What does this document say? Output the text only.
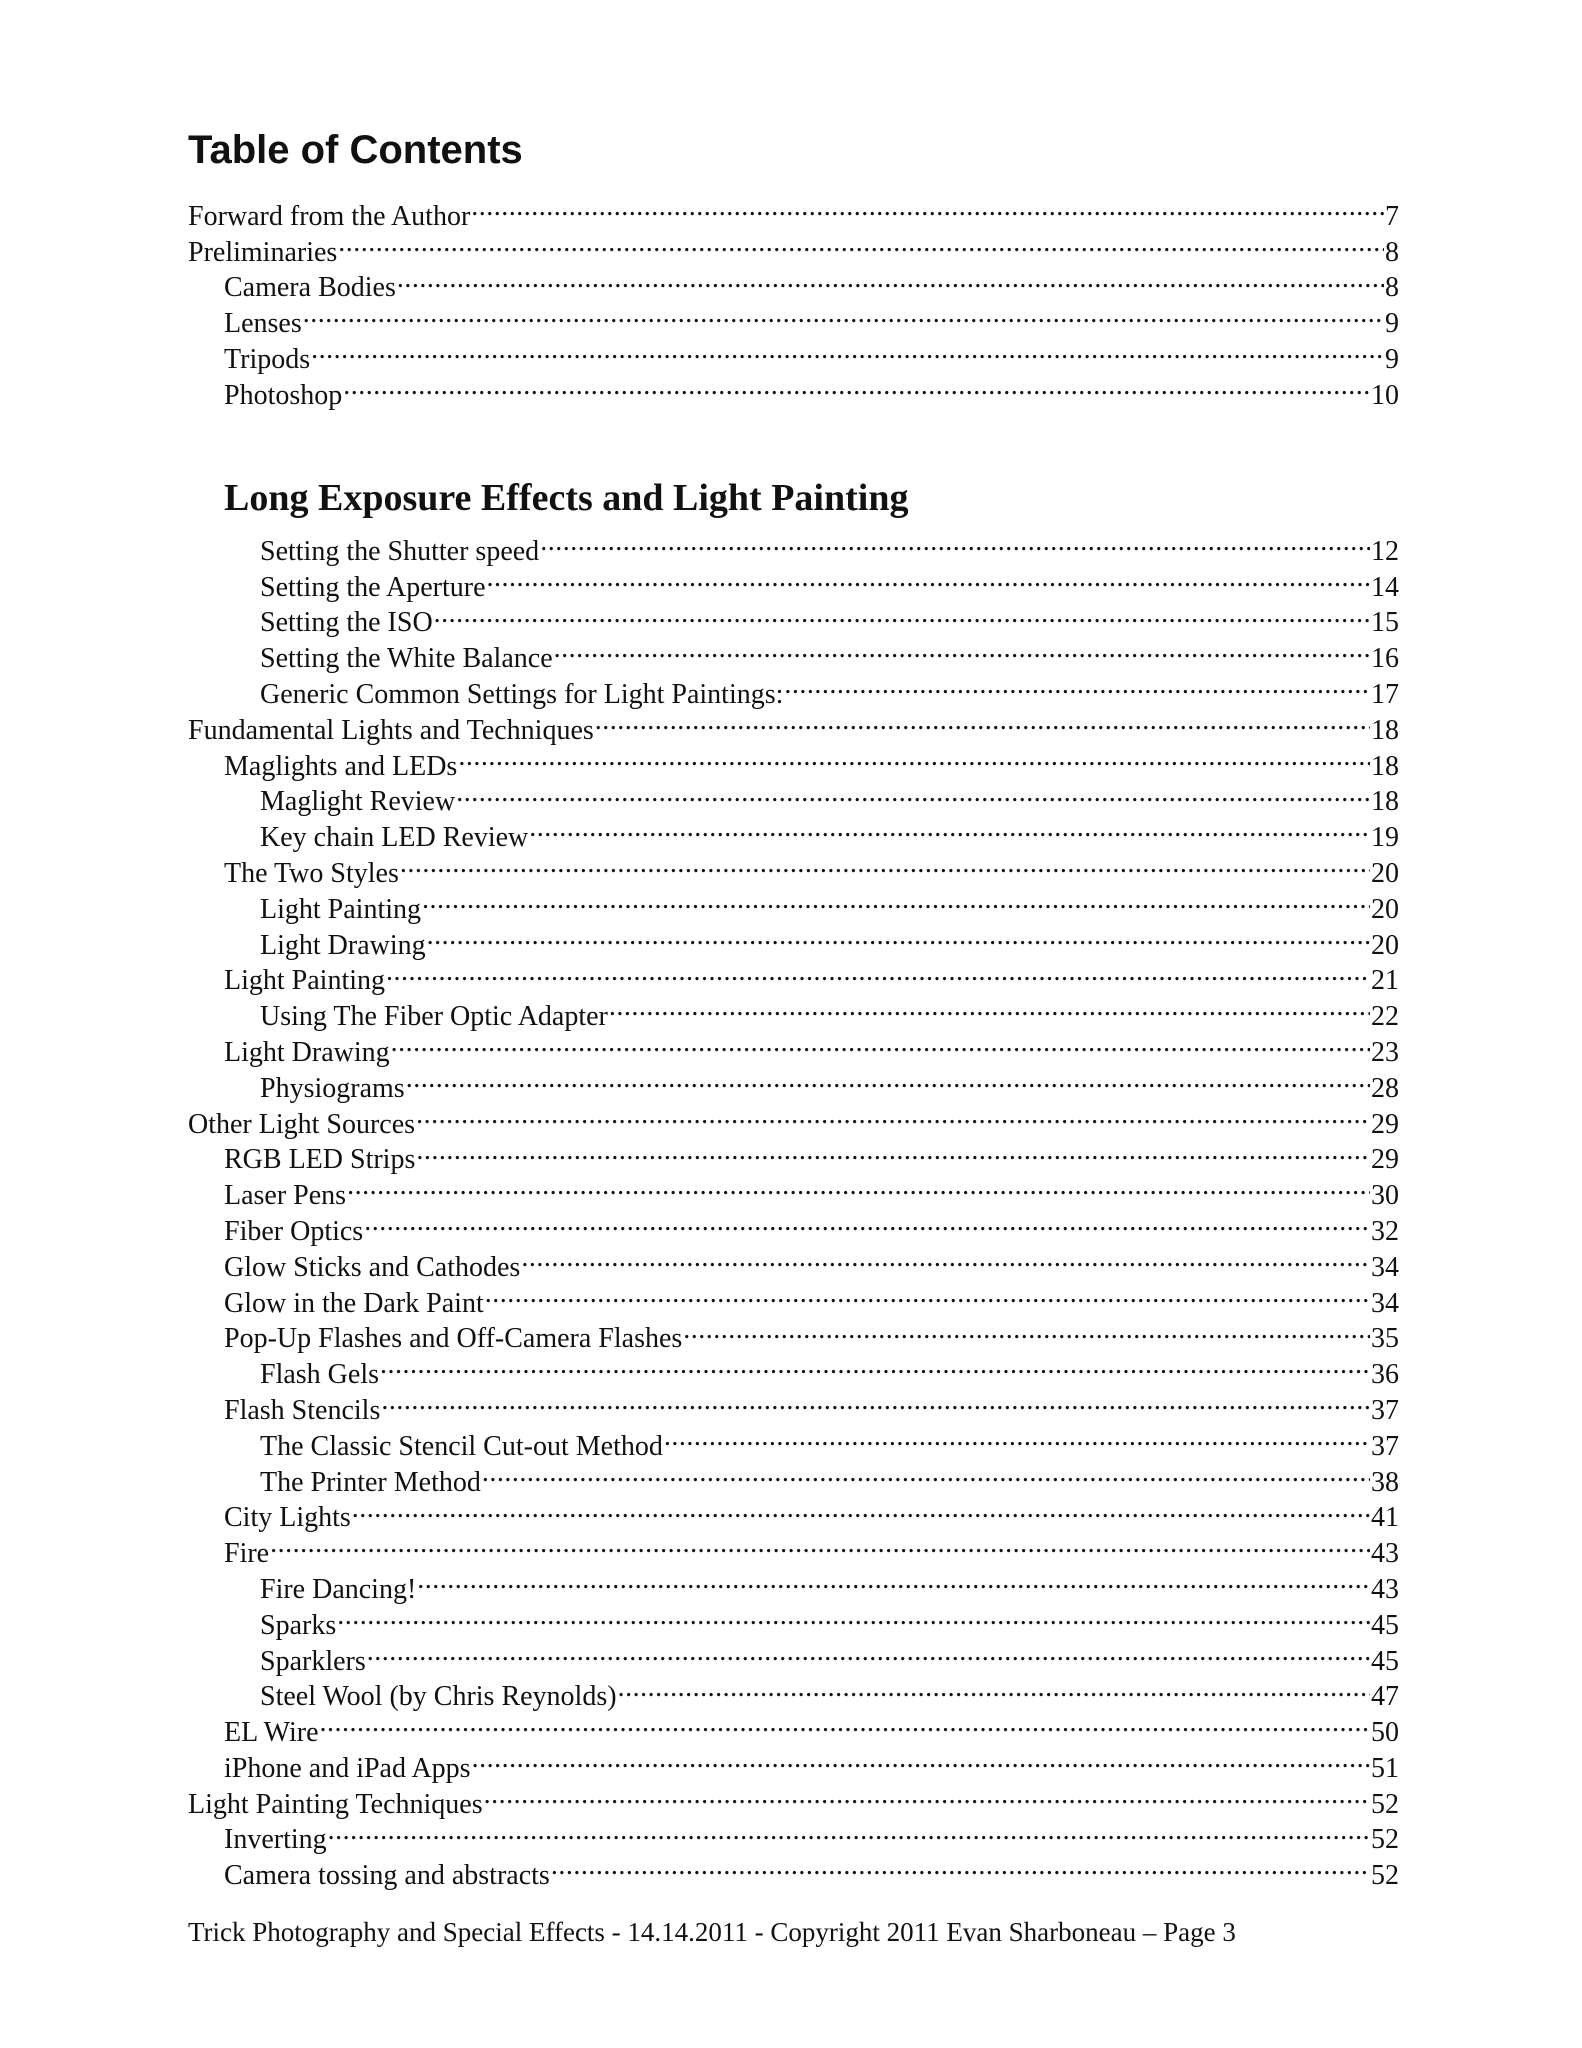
Table of Contents
Forward from the Author .....	7
Preliminaries .....	8
Camera Bodies .....	8
Lenses .....	9
Tripods .....	9
Photoshop .....	10
Long Exposure Effects and Light Painting
Setting the Shutter speed .....	12
Setting the Aperture .....	14
Setting the ISO .....	15
Setting the White Balance .....	16
Generic Common Settings for Light Paintings: .....	17
Fundamental Lights and Techniques .....	18
Maglights and LEDs .....	18
Maglight Review .....	18
Key chain LED Review .....	19
The Two Styles .....	20
Light Painting .....	20
Light Drawing .....	20
Light Painting .....	21
Using The Fiber Optic Adapter .....	22
Light Drawing .....	23
Physiograms .....	28
Other Light Sources .....	29
RGB LED Strips .....	29
Laser Pens .....	30
Fiber Optics .....	32
Glow Sticks and Cathodes .....	34
Glow in the Dark Paint .....	34
Pop-Up Flashes and Off-Camera Flashes .....	35
Flash Gels .....	36
Flash Stencils .....	37
The Classic Stencil Cut-out Method .....	37
The Printer Method .....	38
City Lights .....	41
Fire .....	43
Fire Dancing! .....	43
Sparks .....	45
Sparklers .....	45
Steel Wool (by Chris Reynolds) .....	47
EL Wire .....	50
iPhone and iPad Apps .....	51
Light Painting Techniques .....	52
Inverting .....	52
Camera tossing and abstracts .....	52

Trick Photography and Special Effects - 14.14.2011 - Copyright 2011 Evan Sharboneau – Page 3
